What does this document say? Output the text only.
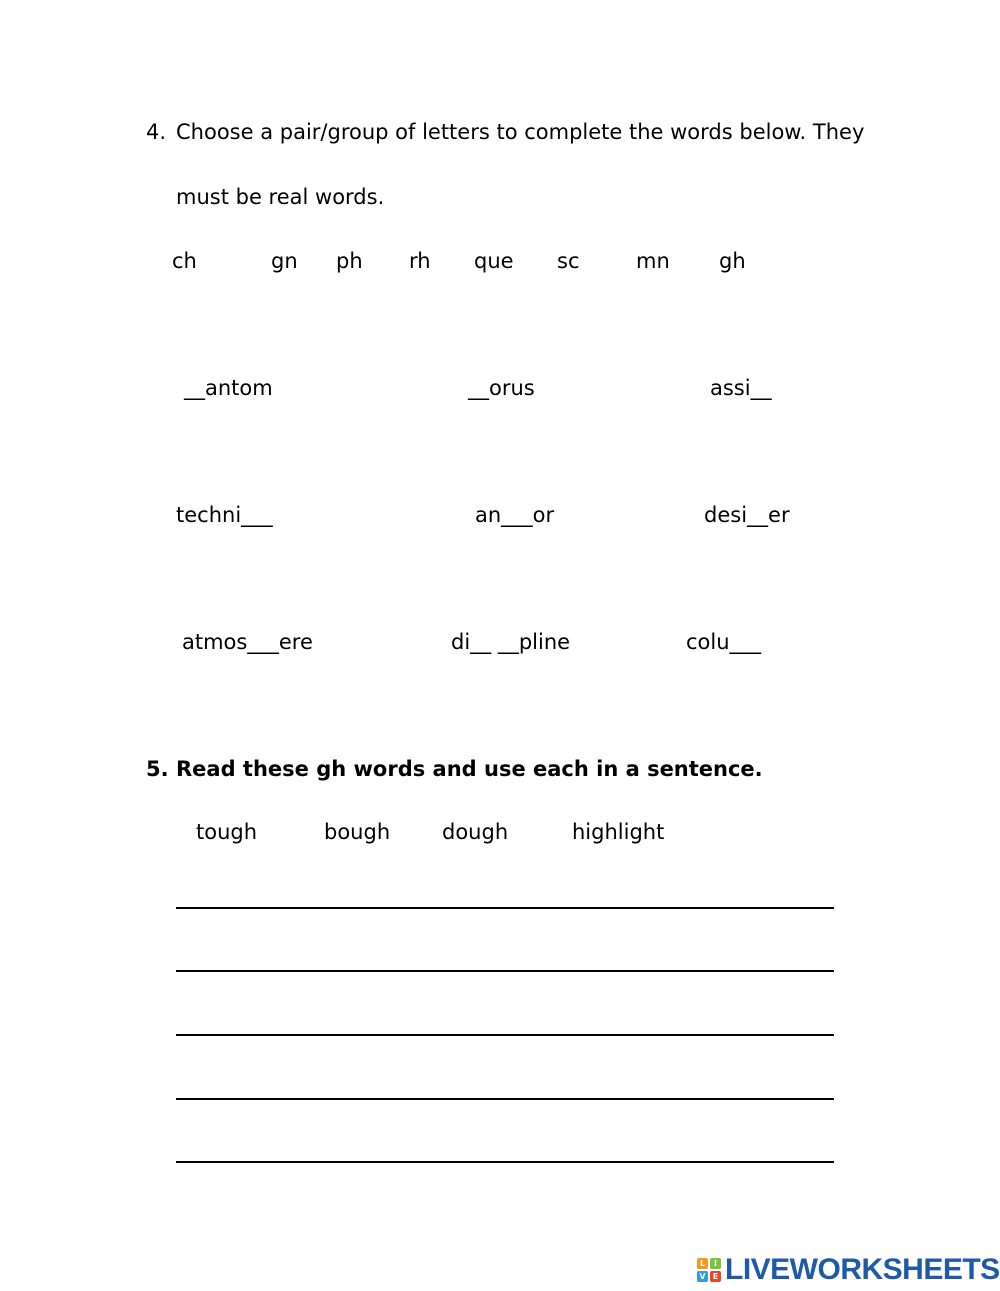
4. Choose a pair/group of letters to complete the words below. They
must be real words.
ch	gn ph rh que sc	mn gh
__antom	__orus	assi__
techni___	an___or	desi__er
atmos___ere	di__ __pline	colu___
5. Read these gh words and use each in a sentence.
tough	bough dough	highlight
L	I
V E LIVEWORKSHEETS
